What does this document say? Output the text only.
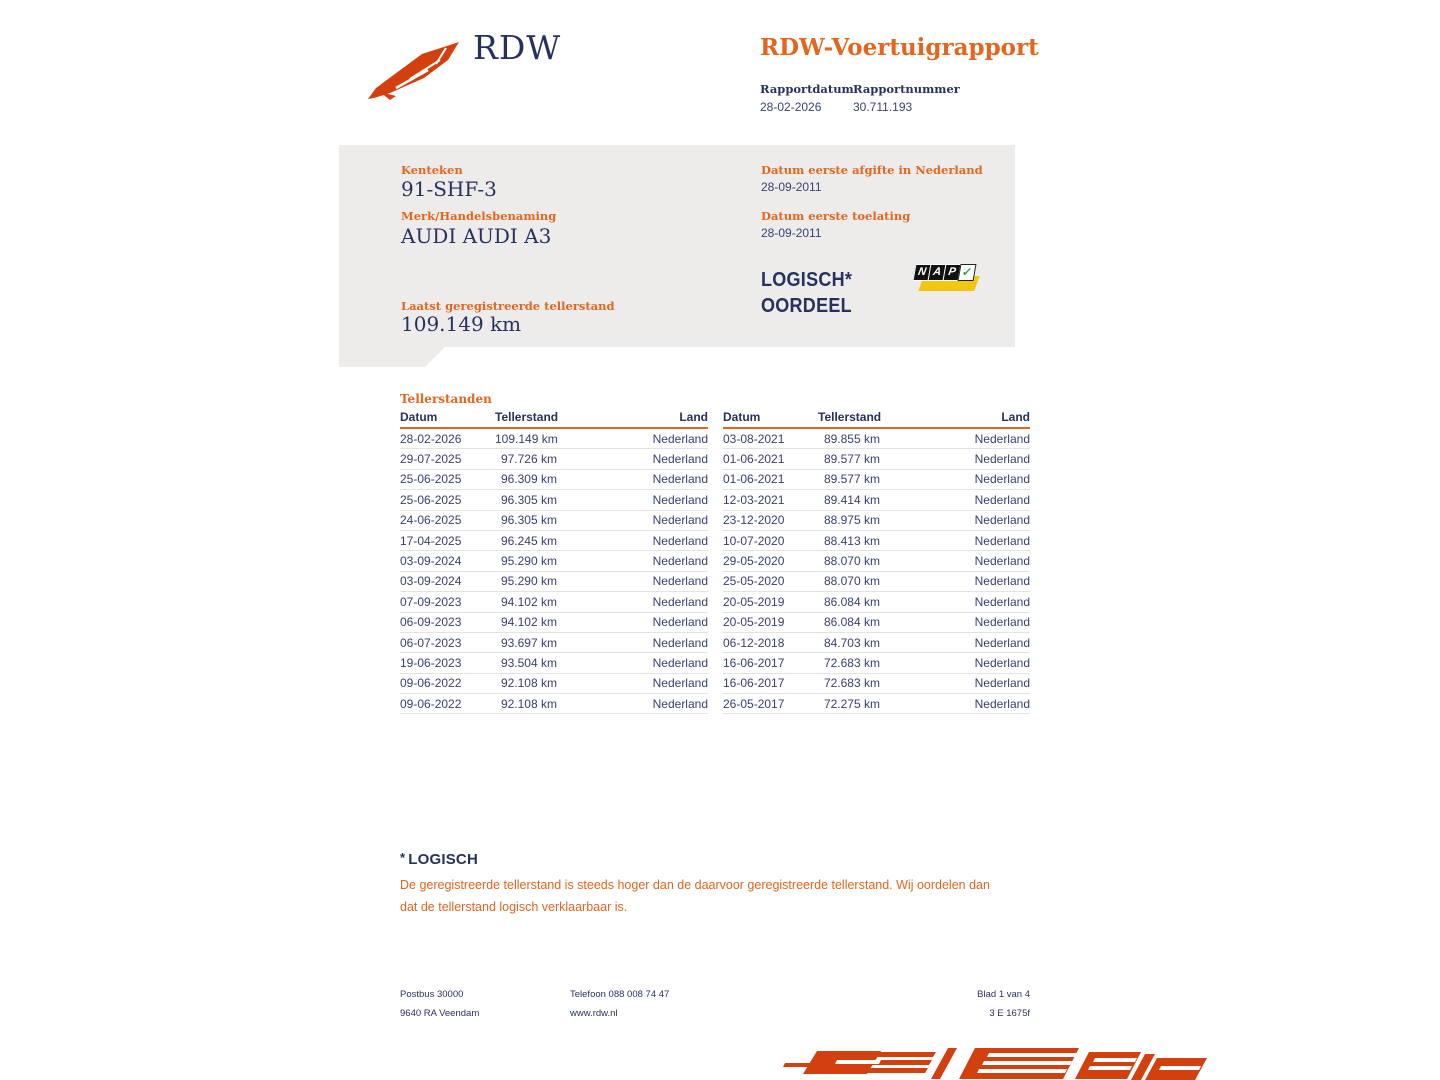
RDW	RDW-Voertuigrapport
Rapportdatum Rapportnummer
28-02-2026	30.711.193
Kenteken
91-SHF-3
Merk/Handelsbenaming
AUDI AUDI A3
Laatst geregistreerde tellerstand
109.149 km
Datum eerste afgifte in Nederland
28-09-2011
Datum eerste toelating
28-09-2011
LOGISCH*
OORDEEL
N A P ✓
Tellerstanden
Datum	Tellerstand	Land
28-02-2026	109.149 km	Nederland
29-07-2025	97.726 km	Nederland
25-06-2025	96.309 km	Nederland
25-06-2025	96.305 km	Nederland
24-06-2025	96.305 km	Nederland
17-04-2025	96.245 km	Nederland
03-09-2024	95.290 km	Nederland
03-09-2024	95.290 km	Nederland
07-09-2023	94.102 km	Nederland
06-09-2023	94.102 km	Nederland
06-07-2023	93.697 km	Nederland
19-06-2023	93.504 km	Nederland
09-06-2022	92.108 km	Nederland
09-06-2022	92.108 km	Nederland
Datum	Tellerstand	Land
03-08-2021	89.855 km	Nederland
01-06-2021	89.577 km	Nederland
01-06-2021	89.577 km	Nederland
12-03-2021	89.414 km	Nederland
23-12-2020	88.975 km	Nederland
10-07-2020	88.413 km	Nederland
29-05-2020	88.070 km	Nederland
25-05-2020	88.070 km	Nederland
20-05-2019	86.084 km	Nederland
20-05-2019	86.084 km	Nederland
06-12-2018	84.703 km	Nederland
16-06-2017	72.683 km	Nederland
16-06-2017	72.683 km	Nederland
26-05-2017	72.275 km	Nederland
* LOGISCH
De geregistreerde tellerstand is steeds hoger dan de daarvoor geregistreerde tellerstand. Wij oordelen dan dat de tellerstand logisch verklaarbaar is.
Postbus 30000
9640 RA Veendam
Telefoon 088 008 74 47
www.rdw.nl
Blad 1 van 4
3 E 1675f
